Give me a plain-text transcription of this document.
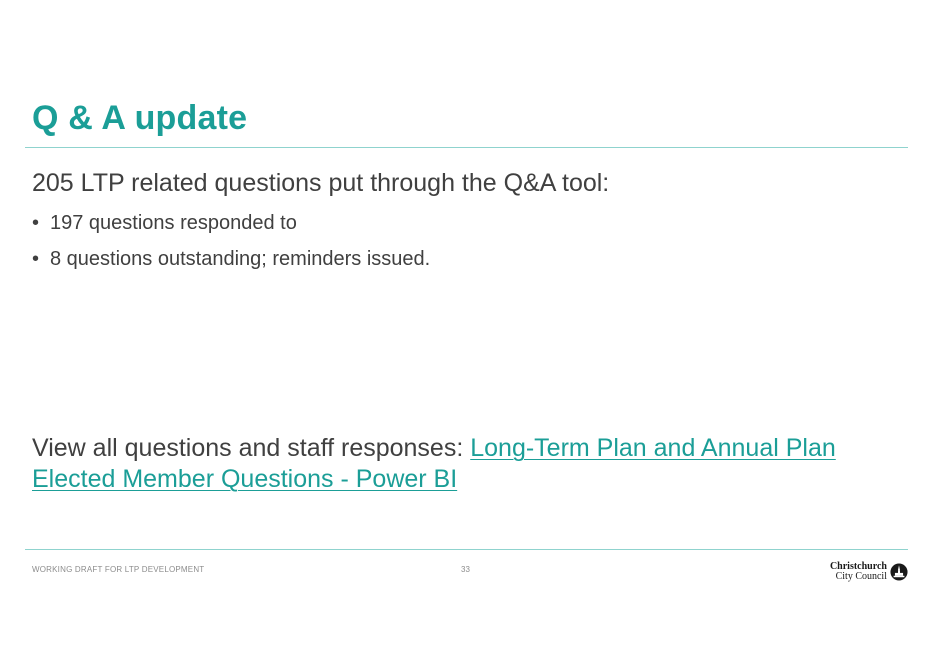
Q & A update

205 LTP related questions put through the Q&A tool:

• 197 questions responded to
• 8 questions outstanding; reminders issued.

View all questions and staff responses: Long-Term Plan and Annual Plan Elected Member Questions - Power BI

WORKING DRAFT FOR LTP DEVELOPMENT	33	Christchurch
City Council
